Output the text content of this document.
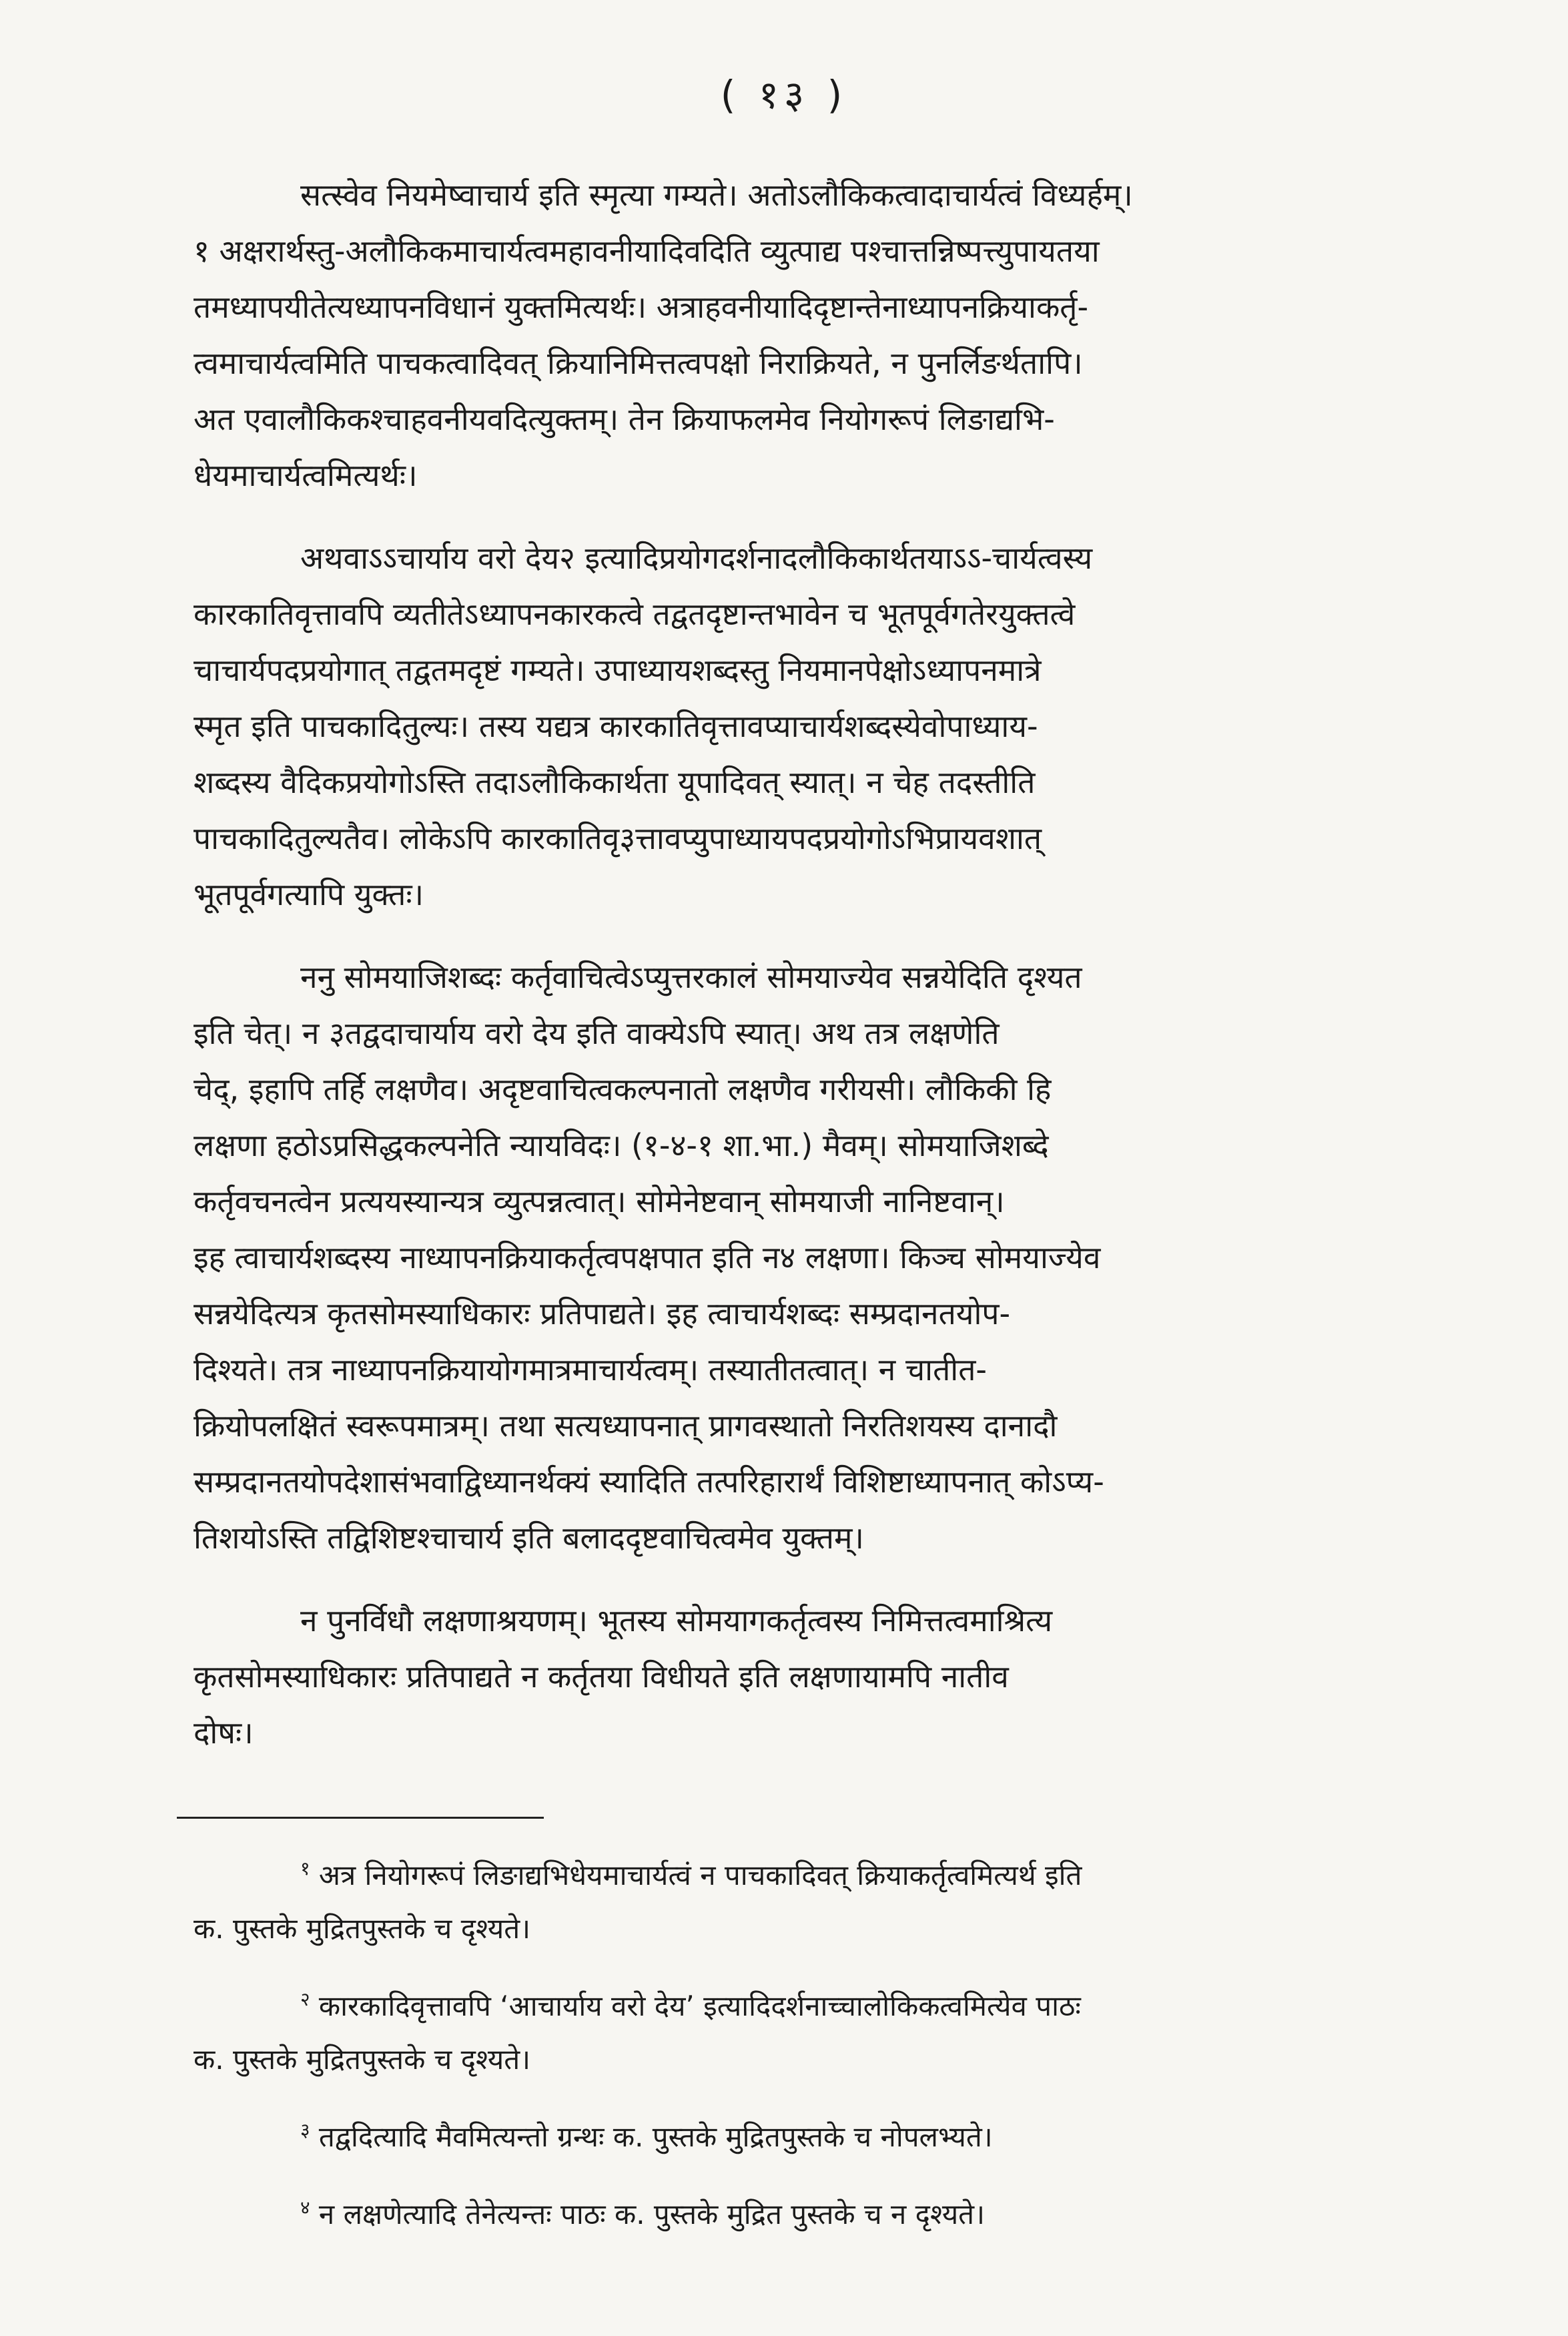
( १३ )

सत्स्वेव नियमेष्वाचार्य इति स्मृत्या गम्यते। अतोऽलौकिकत्वादाचार्यत्वं विध्यर्हम्।
१ अक्षरार्थस्तु-अलौकिकमाचार्यत्वमहावनीयादिवदिति व्युत्पाद्य पश्चात्तन्निष्पत्त्युपायतया
तमध्यापयीतेत्यध्यापनविधानं युक्तमित्यर्थः। अत्राहवनीयादिदृष्टान्तेनाध्यापनक्रियाकर्तृ-
त्वमाचार्यत्वमिति पाचकत्वादिवत् क्रियानिमित्तत्वपक्षो निराक्रियते, न पुनर्लिङर्थतापि।
अत एवालौकिकश्चाहवनीयवदित्युक्तम्। तेन क्रियाफलमेव नियोगरूपं लिङाद्यभि-
धेयमाचार्यत्वमित्यर्थः।

अथवाऽऽचार्याय वरो देय२ इत्यादिप्रयोगदर्शनादलौकिकार्थतयाऽऽ-चार्यत्वस्य
कारकातिवृत्तावपि व्यतीतेऽध्यापनकारकत्वे तद्वतदृष्टान्तभावेन च भूतपूर्वगतेरयुक्तत्वे
चाचार्यपदप्रयोगात् तद्वतमदृष्टं गम्यते। उपाध्यायशब्दस्तु नियमानपेक्षोऽध्यापनमात्रे
स्मृत इति पाचकादितुल्यः। तस्य यद्यत्र कारकातिवृत्तावप्याचार्यशब्दस्येवोपाध्याय-
शब्दस्य वैदिकप्रयोगोऽस्ति तदाऽलौकिकार्थता यूपादिवत् स्यात्। न चेह तदस्तीति
पाचकादितुल्यतैव। लोकेऽपि कारकातिवृ३त्तावप्युपाध्यायपदप्रयोगोऽभिप्रायवशात्
भूतपूर्वगत्यापि युक्तः।

ननु सोमयाजिशब्दः कर्तृवाचित्वेऽप्युत्तरकालं सोमयाज्येव सन्नयेदिति दृश्यत
इति चेत्। न ३तद्वदाचार्याय वरो देय इति वाक्येऽपि स्यात्। अथ तत्र लक्षणेति
चेद्, इहापि तर्हि लक्षणैव। अदृष्टवाचित्वकल्पनातो लक्षणैव गरीयसी। लौकिकी हि
लक्षणा हठोऽप्रसिद्धकल्पनेति न्यायविदः। (१-४-१ शा.भा.) मैवम्। सोमयाजिशब्दे
कर्तृवचनत्वेन प्रत्ययस्यान्यत्र व्युत्पन्नत्वात्। सोमेनेष्टवान् सोमयाजी नानिष्टवान्।
इह त्वाचार्यशब्दस्य नाध्यापनक्रियाकर्तृत्वपक्षपात इति न४ लक्षणा। किञ्च सोमयाज्येव
सन्नयेदित्यत्र कृतसोमस्याधिकारः प्रतिपाद्यते। इह त्वाचार्यशब्दः सम्प्रदानतयोप-
दिश्यते। तत्र नाध्यापनक्रियायोगमात्रमाचार्यत्वम्। तस्यातीतत्वात्। न चातीत-
क्रियोपलक्षितं स्वरूपमात्रम्। तथा सत्यध्यापनात् प्रागवस्थातो निरतिशयस्य दानादौ
सम्प्रदानतयोपदेशासंभवाद्विध्यानर्थक्यं स्यादिति तत्परिहारार्थं विशिष्टाध्यापनात् कोऽप्य-
तिशयोऽस्ति तद्विशिष्टश्चाचार्य इति बलाददृष्टवाचित्वमेव युक्तम्।

न पुनर्विधौ लक्षणाश्रयणम्। भूतस्य सोमयागकर्तृत्वस्य निमित्तत्वमाश्रित्य
कृतसोमस्याधिकारः प्रतिपाद्यते न कर्तृतया विधीयते इति लक्षणायामपि नातीव
दोषः।

$^१$ अत्र नियोगरूपं लिङाद्यभिधेयमाचार्यत्वं न पाचकादिवत् क्रियाकर्तृत्वमित्यर्थ इति
क. पुस्तके मुद्रितपुस्तके च दृश्यते।
$^२$ कारकादिवृत्तावपि ‘आचार्याय वरो देय’ इत्यादिदर्शनाच्चालोकिकत्वमित्येव पाठः
क. पुस्तके मुद्रितपुस्तके च दृश्यते।
$^३$ तद्वदित्यादि मैवमित्यन्तो ग्रन्थः क. पुस्तके मुद्रितपुस्तके च नोपलभ्यते।
$^४$ न लक्षणेत्यादि तेनेत्यन्तः पाठः क. पुस्तके मुद्रित पुस्तके च न दृश्यते।
